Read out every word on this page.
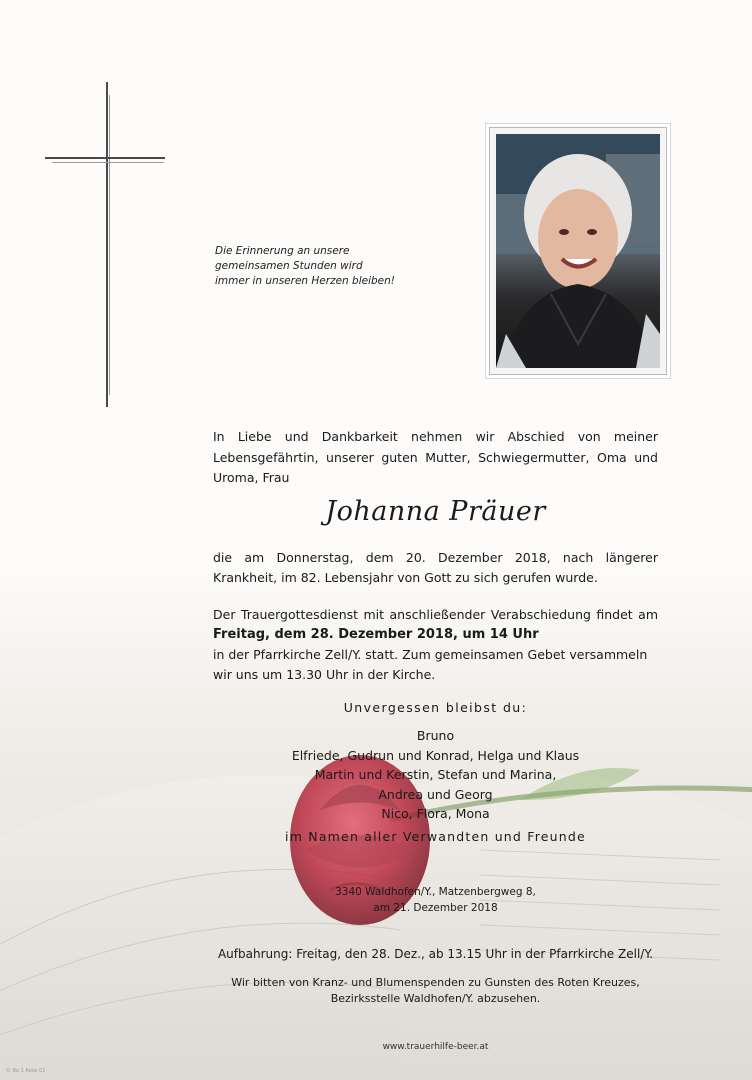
Die Erinnerung an unsere
gemeinsamen Stunden wird
immer in unseren Herzen bleiben!
In Liebe und Dankbarkeit nehmen wir Abschied von meiner Lebensgefährtin, unserer guten Mutter, Schwiegermutter, Oma und Uroma, Frau
Johanna Präuer
die am Donnerstag, dem 20. Dezember 2018, nach längerer Krankheit, im 82. Lebensjahr von Gott zu sich gerufen wurde.
Der Trauergottesdienst mit anschließender Verabschiedung findet am
Freitag, dem 28. Dezember 2018, um 14 Uhr
in der Pfarrkirche Zell/Y. statt. Zum gemeinsamen Gebet versammeln
wir uns um 13.30 Uhr in der Kirche.
Unvergessen bleibst du:
Bruno
Elfriede, Gudrun und Konrad, Helga und Klaus
Martin und Kerstin, Stefan und Marina,
Andrea und Georg
Nico, Flora, Mona
im Namen aller Verwandten und Freunde
3340 Waldhofen/Y., Matzenbergweg 8,
am 21. Dezember 2018
Aufbahrung: Freitag, den 28. Dez., ab 13.15 Uhr in der Pfarrkirche Zell/Y.
Wir bitten von Kranz- und Blumenspenden zu Gunsten des Roten Kreuzes,
Bezirksstelle Waldhofen/Y. abzusehen.
www.trauerhilfe-beer.at
© Bo 1 Rose 01
